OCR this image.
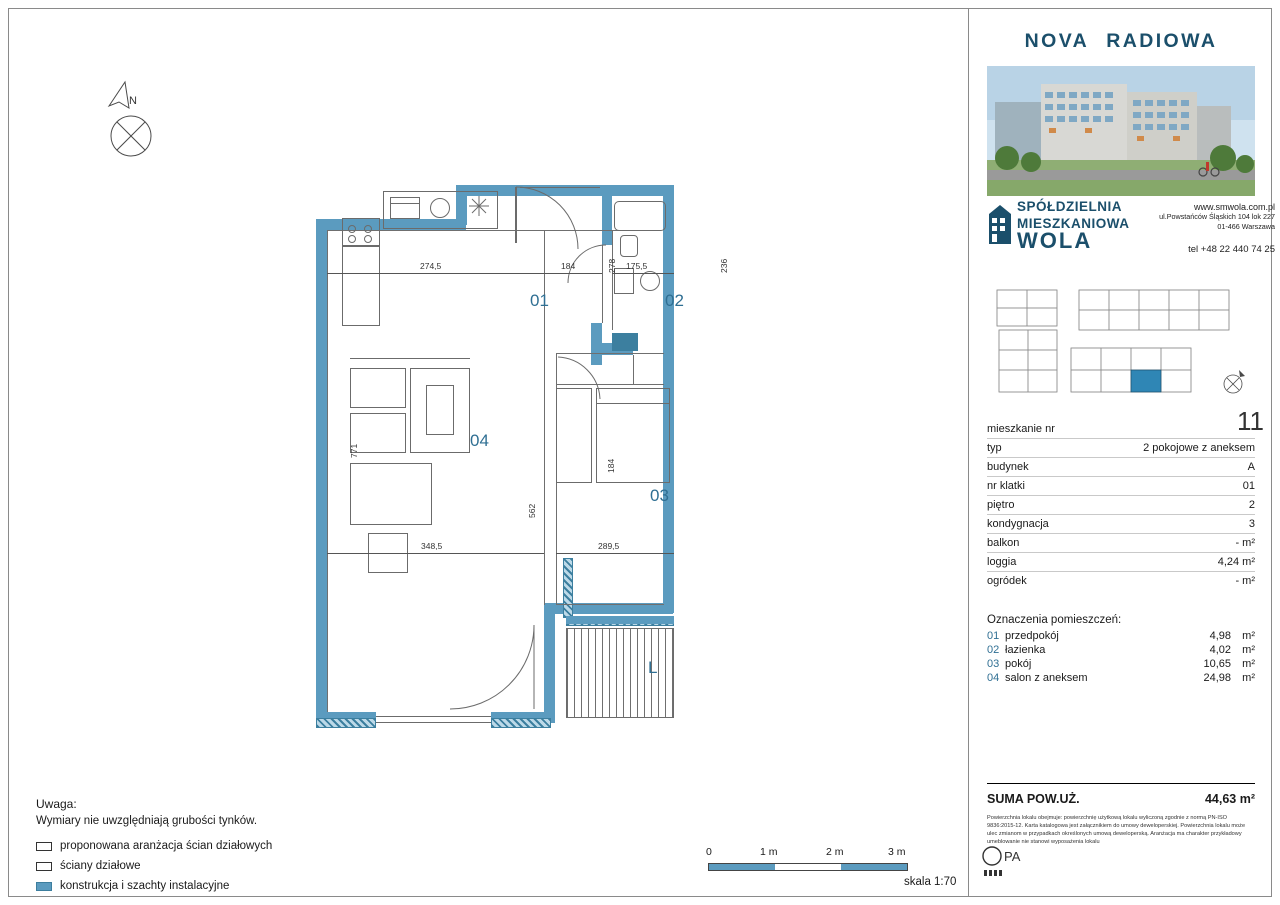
N
01	02
03
04
L
274,5	184	278 175,5	236
771
562
184
348,5	289,5
Uwaga:
Wymiary nie uwzględniają grubości tynków.
proponowana aranżacja ścian działowych
ściany działowe
konstrukcja i szachty instalacyjne
0	1 m	2 m	3 m
skala 1:70
NOVA RADIOWA
SPÓŁDZIELNIA
MIESZKANIOWA
WOLA
www.smwola.com.pl
ul.Powstańców Śląskich 104 lok 227
01-466 Warszawa
tel +48 22 440 74 25
11
mieszkanie nr
typ	2 pokojowe z aneksem
budynek	A
nr klatki	01
piętro	2
kondygnacja	3
balkon	- m²
loggia	4,24 m²
ogródek	- m²
Oznaczenia pomieszczeń:
01 przedpokój	4,98	m²
02 łazienka	4,02	m²
03 pokój	10,65	m²
04 salon z aneksem	24,98	m²
SUMA POW.UŻ.	44,63 m²
Powierzchnia lokalu obejmuje: powierzchnię użytkową lokalu wyliczoną zgodnie z normą PN-ISO 9836:2015-12. Karta katalogowa jest załącznikiem do umowy deweloperskiej. Powierzchnia lokalu może ulec zmianom w przypadkach określonych umową deweloperską. Aranżacja ma charakter przykładowy umeblowanie nie stanowi wyposażenia lokalu
PA
